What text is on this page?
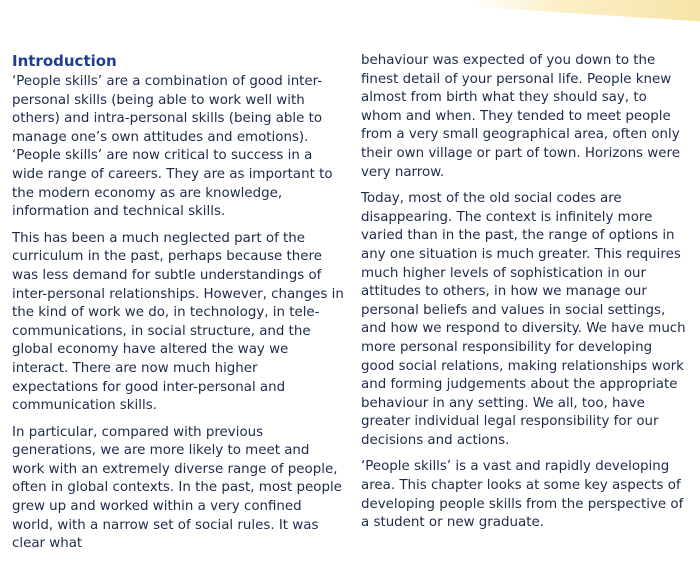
Introduction

‘People skills’ are a combination of good inter-personal skills (being able to work well with others) and intra-personal skills (being able to manage one’s own attitudes and emotions). ‘People skills’ are now critical to success in a wide range of careers. They are as important to the modern economy as are knowledge, information and technical skills.

This has been a much neglected part of the curriculum in the past, perhaps because there was less demand for subtle understandings of inter-personal relationships. However, changes in the kind of work we do, in technology, in tele-communications, in social structure, and the global economy have altered the way we interact. There are now much higher expectations for good inter-personal and communication skills.

In particular, compared with previous generations, we are more likely to meet and work with an extremely diverse range of people, often in global contexts. In the past, most people grew up and worked within a very confined world, with a narrow set of social rules. It was clear what

behaviour was expected of you down to the finest detail of your personal life. People knew almost from birth what they should say, to whom and when. They tended to meet people from a very small geographical area, often only their own village or part of town. Horizons were very narrow.

Today, most of the old social codes are disappearing. The context is infinitely more varied than in the past, the range of options in any one situation is much greater. This requires much higher levels of sophistication in our attitudes to others, in how we manage our personal beliefs and values in social settings, and how we respond to diversity. We have much more personal responsibility for developing good social relations, making relationships work and forming judgements about the appropriate behaviour in any setting. We all, too, have greater individual legal responsibility for our decisions and actions.

‘People skills’ is a vast and rapidly developing area. This chapter looks at some key aspects of developing people skills from the perspective of a student or new graduate.
